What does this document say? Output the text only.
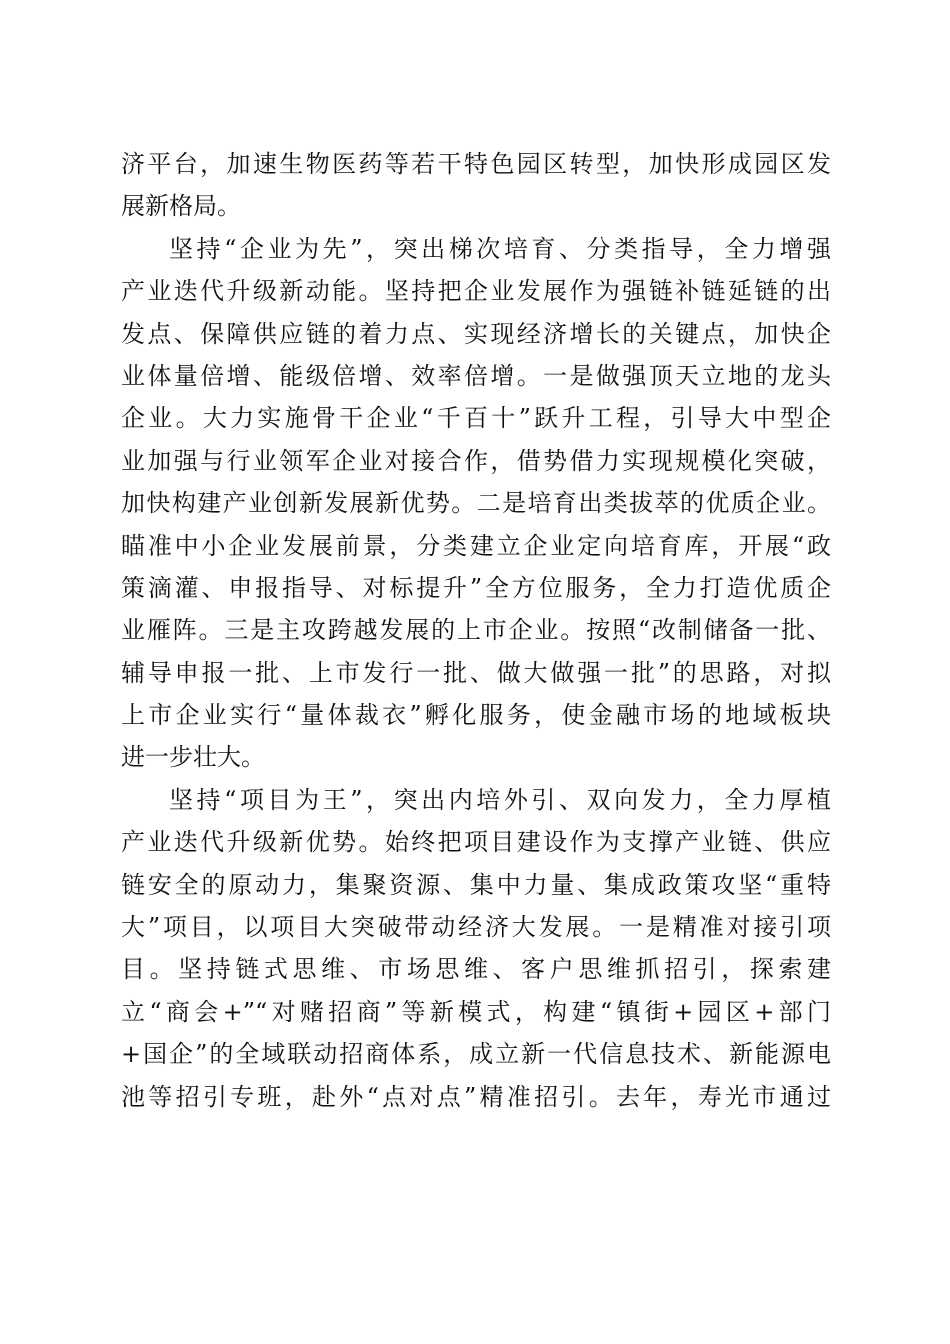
济平台，加速生物医药等若干特色园区转型，加快形成园区发
展新格局。
坚持“企业为先”，突出梯次培育、分类指导，全力增强
产业迭代升级新动能。坚持把企业发展作为强链补链延链的出
发点、保障供应链的着力点、实现经济增长的关键点，加快企
业体量倍增、能级倍增、效率倍增。一是做强顶天立地的龙头
企业。大力实施骨干企业“千百十”跃升工程，引导大中型企
业加强与行业领军企业对接合作，借势借力实现规模化突破，
加快构建产业创新发展新优势。二是培育出类拔萃的优质企业。
瞄准中小企业发展前景，分类建立企业定向培育库，开展“政
策滴灌、申报指导、对标提升”全方位服务，全力打造优质企
业雁阵。三是主攻跨越发展的上市企业。按照“改制储备一批、
辅导申报一批、上市发行一批、做大做强一批”的思路，对拟
上市企业实行“量体裁衣”孵化服务，使金融市场的地域板块
进一步壮大。
坚持“项目为王”，突出内培外引、双向发力，全力厚植
产业迭代升级新优势。始终把项目建设作为支撑产业链、供应
链安全的原动力，集聚资源、集中力量、集成政策攻坚“重特
大”项目，以项目大突破带动经济大发展。一是精准对接引项
目。坚持链式思维、市场思维、客户思维抓招引，探索建
立“商会+”“对赌招商”等新模式，构建“镇街+园区+部门
+国企”的全域联动招商体系，成立新一代信息技术、新能源电
池等招引专班，赴外“点对点”精准招引。去年，寿光市通过
